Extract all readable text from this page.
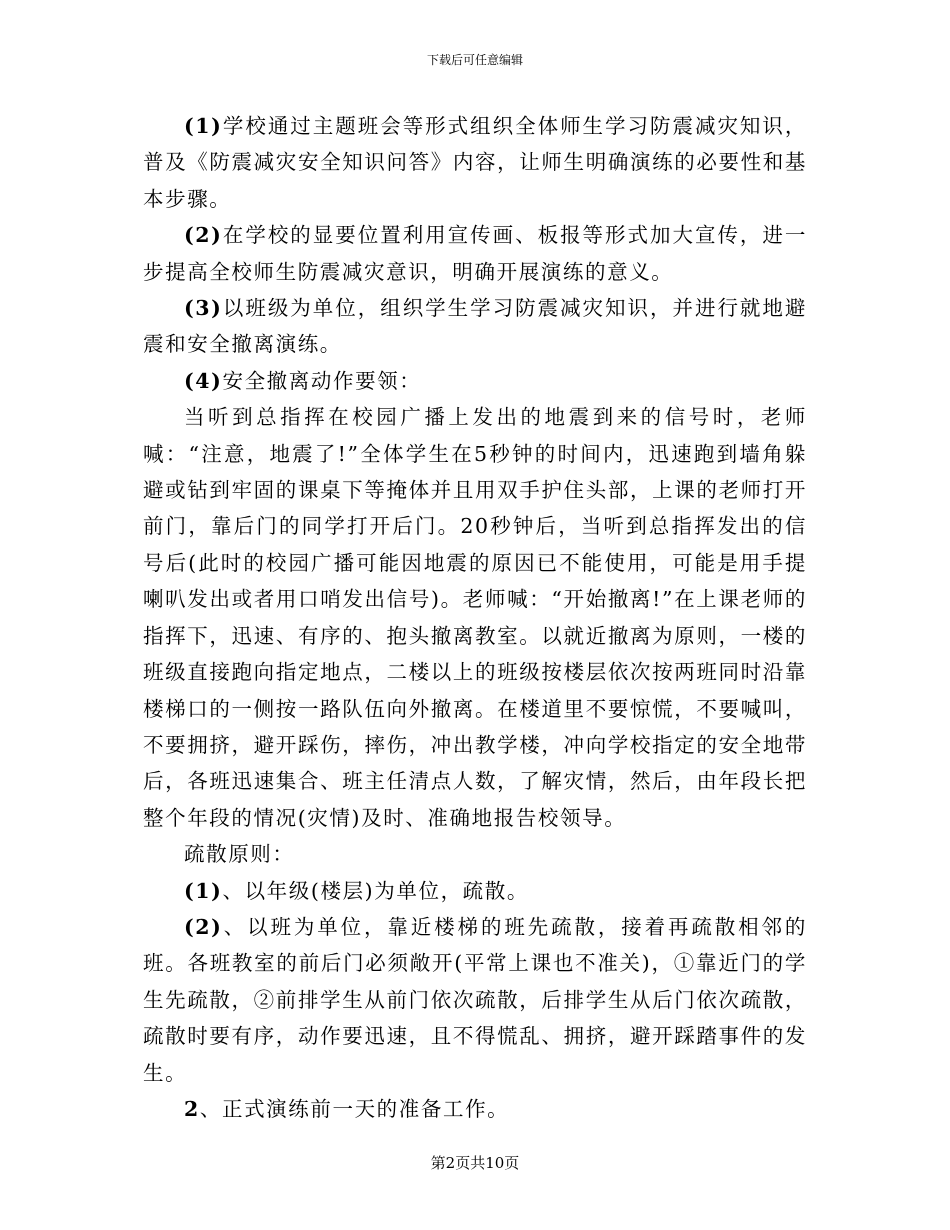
下载后可任意编辑

(1)学校通过主题班会等形式组织全体师生学习防震减灾知识，普及《防震减灾安全知识问答》内容，让师生明确演练的必要性和基本步骤。

(2)在学校的显要位置利用宣传画、板报等形式加大宣传，进一步提高全校师生防震减灾意识，明确开展演练的意义。

(3)以班级为单位，组织学生学习防震减灾知识，并进行就地避震和安全撤离演练。

(4)安全撤离动作要领：

当听到总指挥在校园广播上发出的地震到来的信号时，老师喊：“注意，地震了!”全体学生在5秒钟的时间内，迅速跑到墙角躲避或钻到牢固的课桌下等掩体并且用双手护住头部，上课的老师打开前门，靠后门的同学打开后门。20秒钟后，当听到总指挥发出的信号后(此时的校园广播可能因地震的原因已不能使用，可能是用手提喇叭发出或者用口哨发出信号)。老师喊：“开始撤离!”在上课老师的指挥下，迅速、有序的、抱头撤离教室。以就近撤离为原则，一楼的班级直接跑向指定地点，二楼以上的班级按楼层依次按两班同时沿靠楼梯口的一侧按一路队伍向外撤离。在楼道里不要惊慌，不要喊叫，不要拥挤，避开踩伤，摔伤，冲出教学楼，冲向学校指定的安全地带后，各班迅速集合、班主任清点人数，了解灾情，然后，由年段长把整个年段的情况(灾情)及时、准确地报告校领导。

疏散原则：

(1)、以年级(楼层)为单位，疏散。

(2)、以班为单位，靠近楼梯的班先疏散，接着再疏散相邻的班。各班教室的前后门必须敞开(平常上课也不准关)，①靠近门的学生先疏散，②前排学生从前门依次疏散，后排学生从后门依次疏散，疏散时要有序，动作要迅速，且不得慌乱、拥挤，避开踩踏事件的发生。

2、正式演练前一天的准备工作。

第2页共10页
